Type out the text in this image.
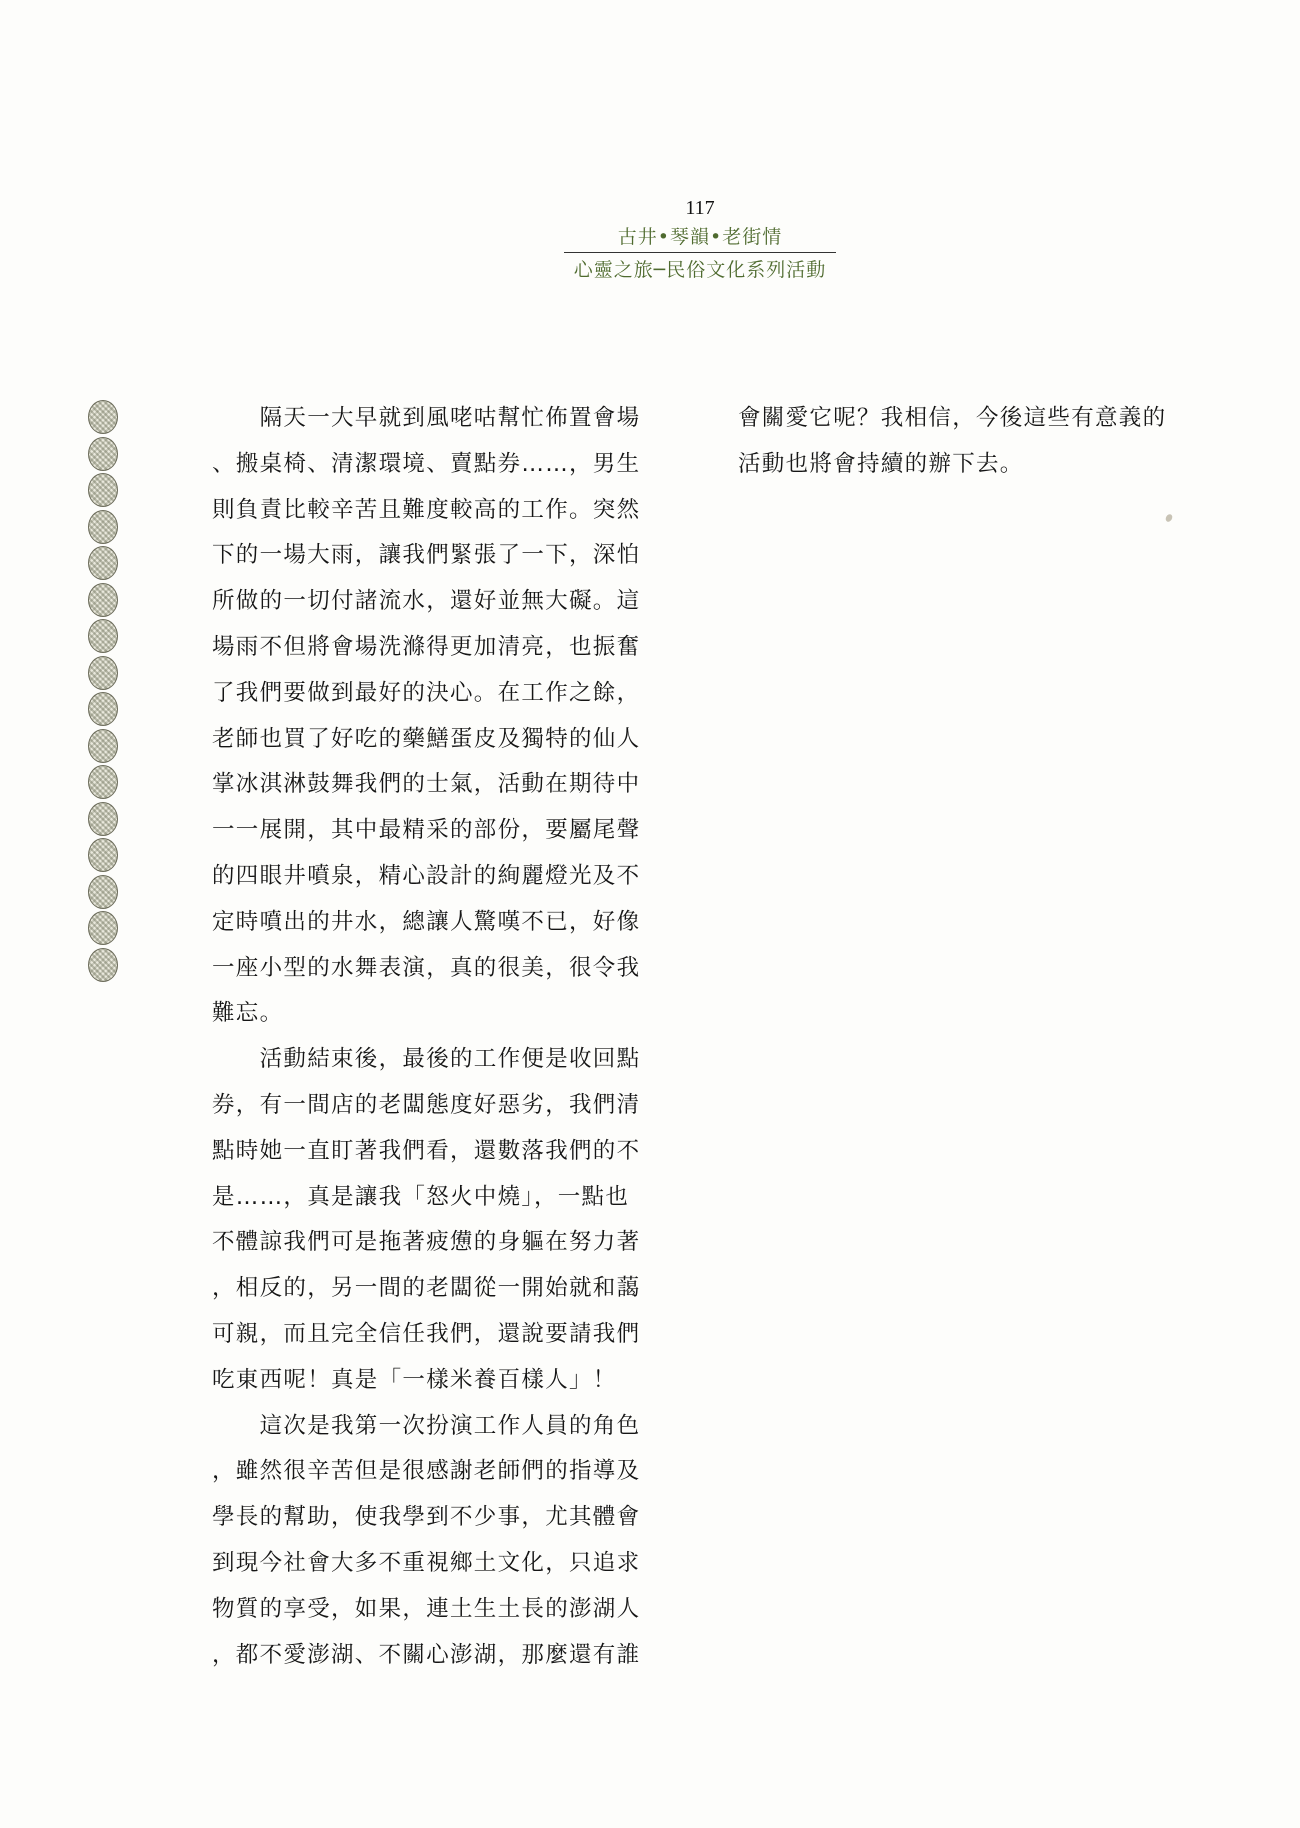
117
古井•琴韻•老街情
心靈之旅─民俗文化系列活動
　　隔天一大早就到風咾咕幫忙佈置會場
、搬桌椅、清潔環境、賣點券……，男生
則負責比較辛苦且難度較高的工作。突然
下的一場大雨，讓我們緊張了一下，深怕
所做的一切付諸流水，還好並無大礙。這
場雨不但將會場洗滌得更加清亮，也振奮
了我們要做到最好的決心。在工作之餘，
老師也買了好吃的藥鱔蛋皮及獨特的仙人
掌冰淇淋鼓舞我們的士氣，活動在期待中
一一展開，其中最精采的部份，要屬尾聲
的四眼井噴泉，精心設計的絢麗燈光及不
定時噴出的井水，總讓人驚嘆不已，好像
一座小型的水舞表演，真的很美，很令我
難忘。
　　活動結束後，最後的工作便是收回點
券，有一間店的老闆態度好惡劣，我們清
點時她一直盯著我們看，還數落我們的不
是……，真是讓我「怒火中燒」，一點也
不體諒我們可是拖著疲憊的身軀在努力著
，相反的，另一間的老闆從一開始就和藹
可親，而且完全信任我們，還說要請我們
吃東西呢！真是「一樣米養百樣人」！
　　這次是我第一次扮演工作人員的角色
，雖然很辛苦但是很感謝老師們的指導及
學長的幫助，使我學到不少事，尤其體會
到現今社會大多不重視鄉土文化，只追求
物質的享受，如果，連土生土長的澎湖人
，都不愛澎湖、不關心澎湖，那麼還有誰
會關愛它呢？我相信，今後這些有意義的
活動也將會持續的辦下去。
